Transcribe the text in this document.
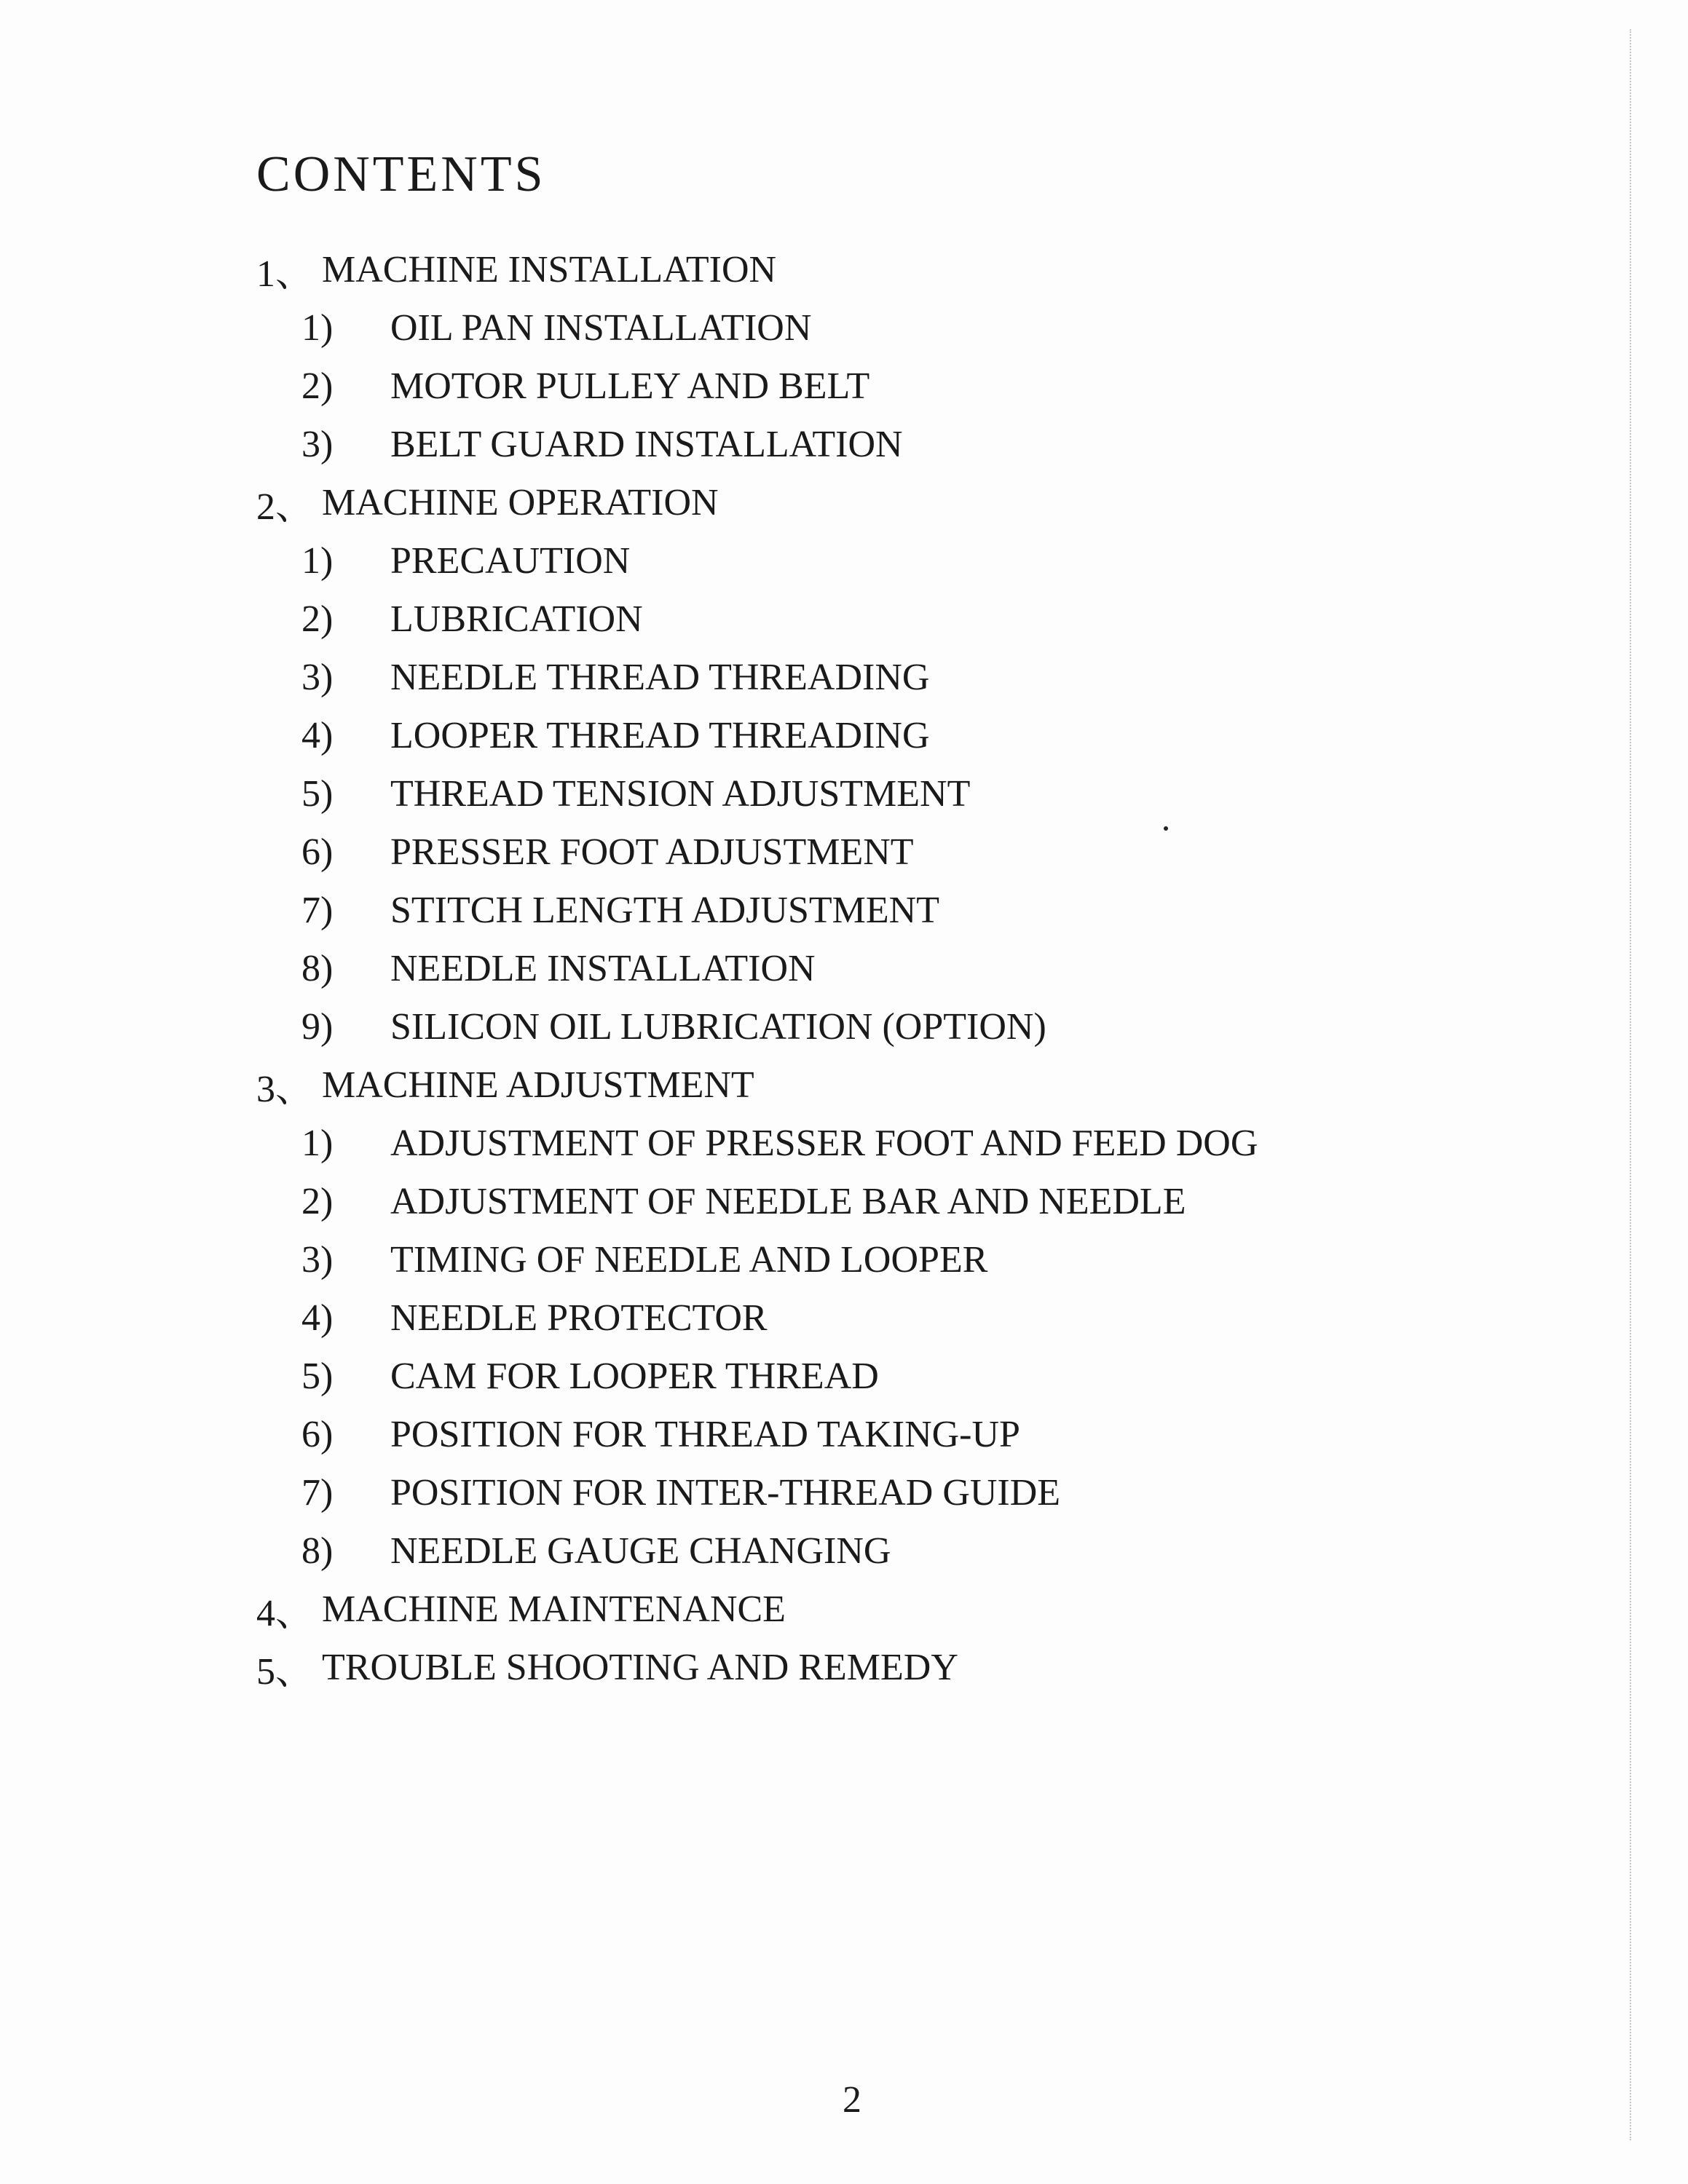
CONTENTS
1、 MACHINE INSTALLATION
1)	OIL PAN INSTALLATION
2)	MOTOR PULLEY AND BELT
3)	BELT GUARD INSTALLATION
2、 MACHINE OPERATION
1)	PRECAUTION
2)	LUBRICATION
3)	NEEDLE THREAD THREADING
4)	LOOPER THREAD THREADING
5)	THREAD TENSION ADJUSTMENT
6)	PRESSER FOOT ADJUSTMENT
7)	STITCH LENGTH ADJUSTMENT
8)	NEEDLE INSTALLATION
9)	SILICON OIL LUBRICATION (OPTION)
3、 MACHINE ADJUSTMENT
1)	ADJUSTMENT OF PRESSER FOOT AND FEED DOG
2)	ADJUSTMENT OF NEEDLE BAR AND NEEDLE
3)	TIMING OF NEEDLE AND LOOPER
4)	NEEDLE PROTECTOR
5)	CAM FOR LOOPER THREAD
6)	POSITION FOR THREAD TAKING-UP
7)	POSITION FOR INTER-THREAD GUIDE
8)	NEEDLE GAUGE CHANGING
4、 MACHINE MAINTENANCE
5、 TROUBLE SHOOTING AND REMEDY
2
